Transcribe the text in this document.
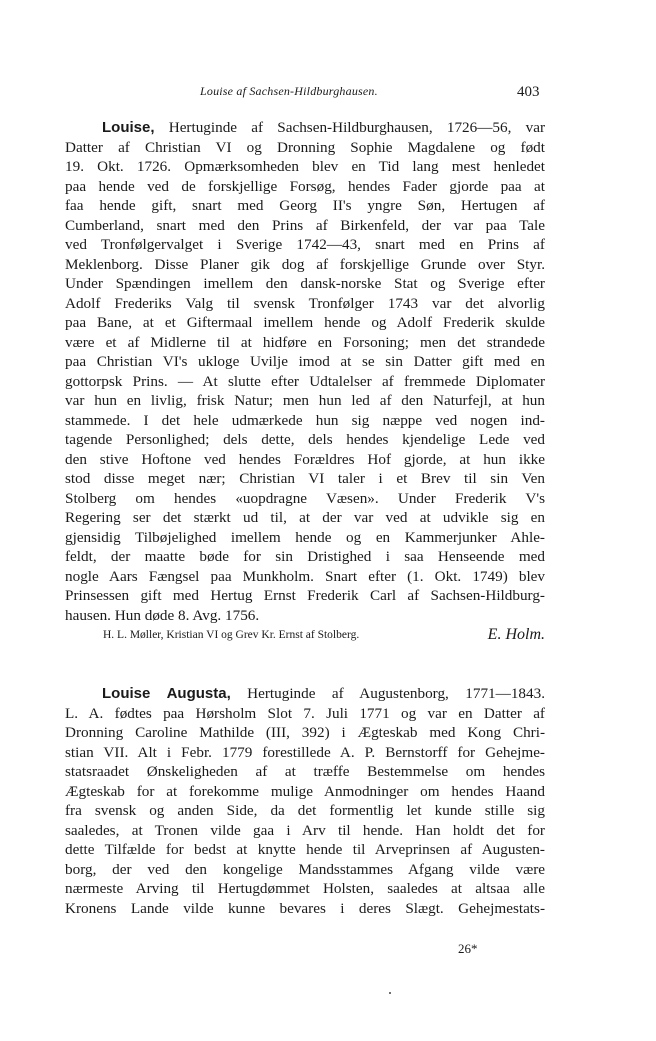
Louise af Sachsen-Hildburghausen.	403
Louise, Hertuginde af Sachsen-Hildburghausen, 1726—56, var
Datter af Christian VI og Dronning Sophie Magdalene og født
19. Okt. 1726. Opmærksomheden blev en Tid lang mest henledet
paa hende ved de forskjellige Forsøg, hendes Fader gjorde paa at
faa hende gift, snart med Georg II's yngre Søn, Hertugen af
Cumberland, snart med den Prins af Birkenfeld, der var paa Tale
ved Tronfølgervalget i Sverige 1742—43, snart med en Prins af
Meklenborg. Disse Planer gik dog af forskjellige Grunde over Styr.
Under Spændingen imellem den dansk-norske Stat og Sverige efter
Adolf Frederiks Valg til svensk Tronfølger 1743 var det alvorlig
paa Bane, at et Giftermaal imellem hende og Adolf Frederik skulde
være et af Midlerne til at hidføre en Forsoning; men det strandede
paa Christian VI's ukloge Uvilje imod at se sin Datter gift med en
gottorpsk Prins. — At slutte efter Udtalelser af fremmede Diplomater
var hun en livlig, frisk Natur; men hun led af den Naturfejl, at hun
stammede. I det hele udmærkede hun sig næppe ved nogen ind-
tagende Personlighed; dels dette, dels hendes kjendelige Lede ved
den stive Hoftone ved hendes Forældres Hof gjorde, at hun ikke
stod disse meget nær; Christian VI taler i et Brev til sin Ven
Stolberg om hendes «uopdragne Væsen». Under Frederik V's
Regering ser det stærkt ud til, at der var ved at udvikle sig en
gjensidig Tilbøjelighed imellem hende og en Kammerjunker Ahle-
feldt, der maatte bøde for sin Dristighed i saa Henseende med
nogle Aars Fængsel paa Munkholm. Snart efter (1. Okt. 1749) blev
Prinsessen gift med Hertug Ernst Frederik Carl af Sachsen-Hildburg-
hausen. Hun døde 8. Avg. 1756.
H. L. Møller, Kristian VI og Grev Kr. Ernst af Stolberg.	E. Holm.
Louise Augusta, Hertuginde af Augustenborg, 1771—1843.
L. A. fødtes paa Hørsholm Slot 7. Juli 1771 og var en Datter af
Dronning Caroline Mathilde (III, 392) i Ægteskab med Kong Chri-
stian VII. Alt i Febr. 1779 forestillede A. P. Bernstorff for Gehejme-
statsraadet Ønskeligheden af at træffe Bestemmelse om hendes
Ægteskab for at forekomme mulige Anmodninger om hendes Haand
fra svensk og anden Side, da det formentlig let kunde stille sig
saaledes, at Tronen vilde gaa i Arv til hende. Han holdt det for
dette Tilfælde for bedst at knytte hende til Arveprinsen af Augusten-
borg, der ved den kongelige Mandsstammes Afgang vilde være
nærmeste Arving til Hertugdømmet Holsten, saaledes at altsaa alle
Kronens Lande vilde kunne bevares i deres Slægt. Gehejmestats-
26*
